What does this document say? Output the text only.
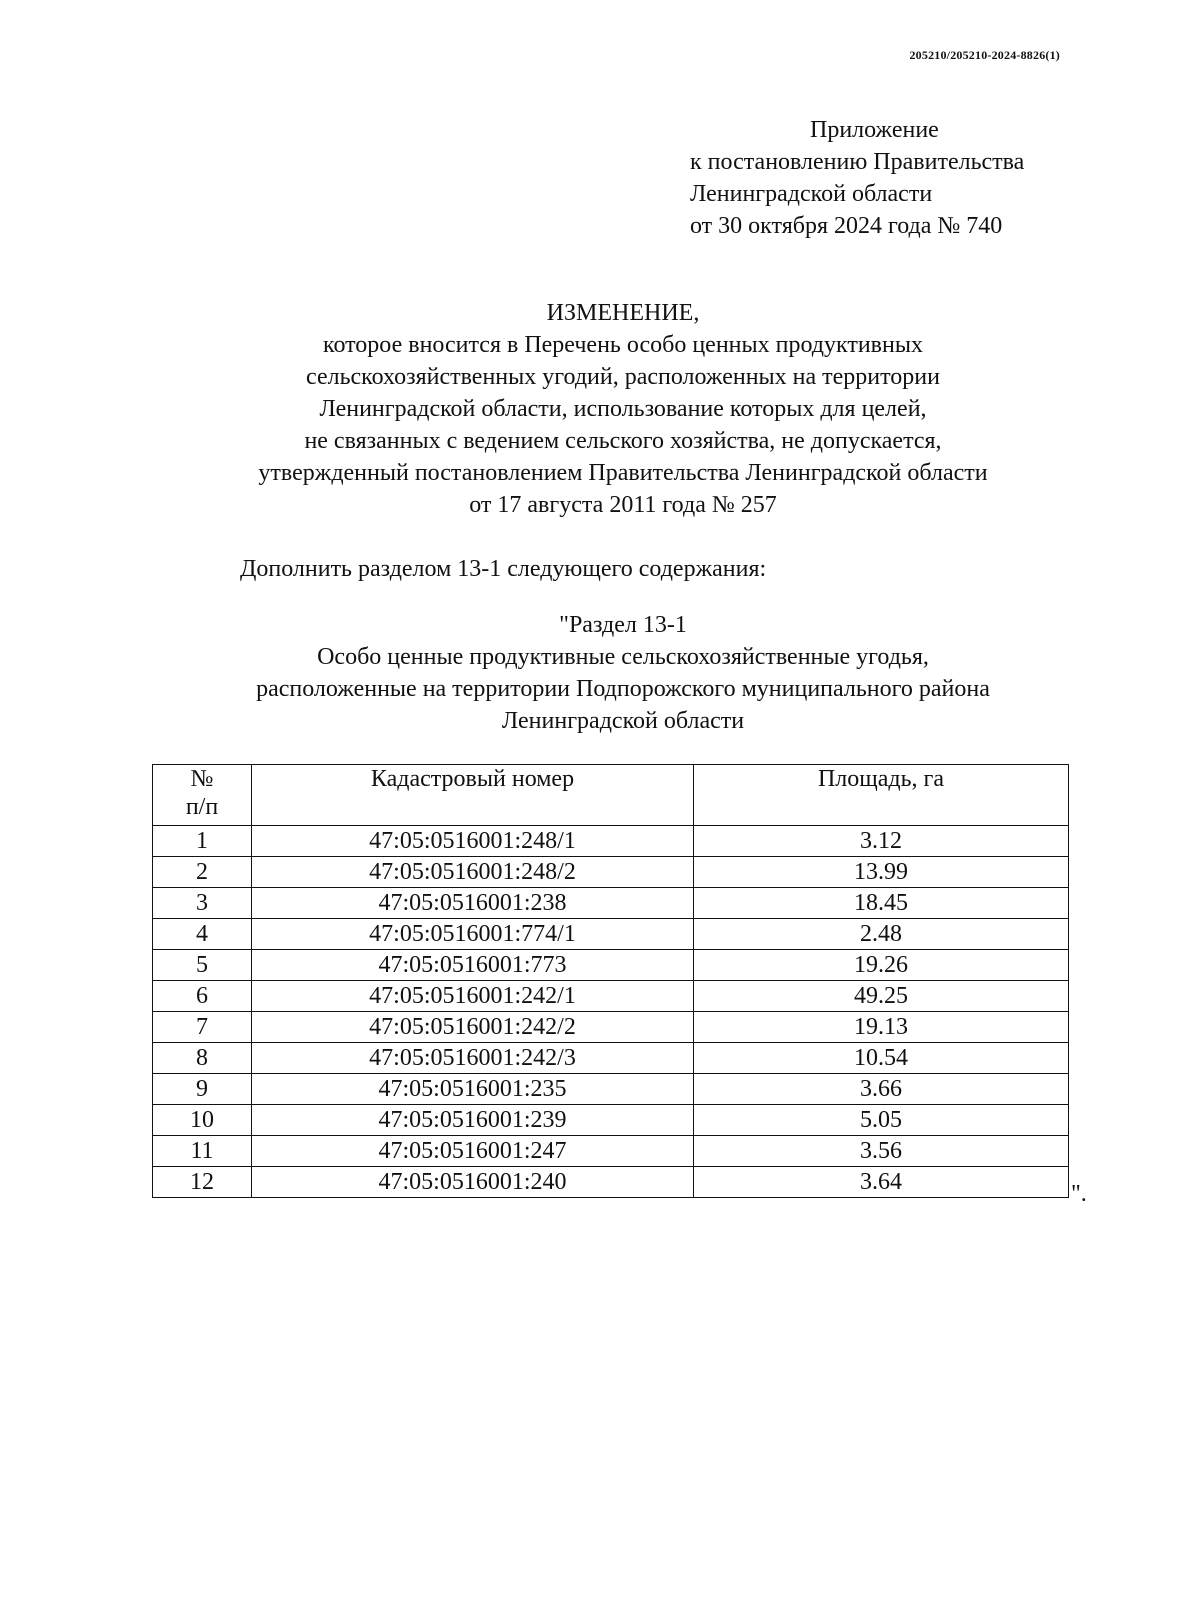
205210/205210-2024-8826(1)
Приложение
к постановлению Правительства
Ленинградской области
от 30 октября 2024 года № 740
ИЗМЕНЕНИЕ,
которое вносится в Перечень особо ценных продуктивных
сельскохозяйственных угодий, расположенных на территории
Ленинградской области, использование которых для целей,
не связанных с ведением сельского хозяйства, не допускается,
утвержденный постановлением Правительства Ленинградской области
от 17 августа 2011 года № 257
Дополнить разделом 13-1 следующего содержания:
"Раздел 13-1
Особо ценные продуктивные сельскохозяйственные угодья,
расположенные на территории Подпорожского муниципального района
Ленинградской области
№
п/п	Кадастровый номер	Площадь, га
1	47:05:0516001:248/1	3.12
2	47:05:0516001:248/2	13.99
3	47:05:0516001:238	18.45
4	47:05:0516001:774/1	2.48
5	47:05:0516001:773	19.26
6	47:05:0516001:242/1	49.25
7	47:05:0516001:242/2	19.13
8	47:05:0516001:242/3	10.54
9	47:05:0516001:235	3.66
10	47:05:0516001:239	5.05
11	47:05:0516001:247	3.56
12	47:05:0516001:240	3.64	".
